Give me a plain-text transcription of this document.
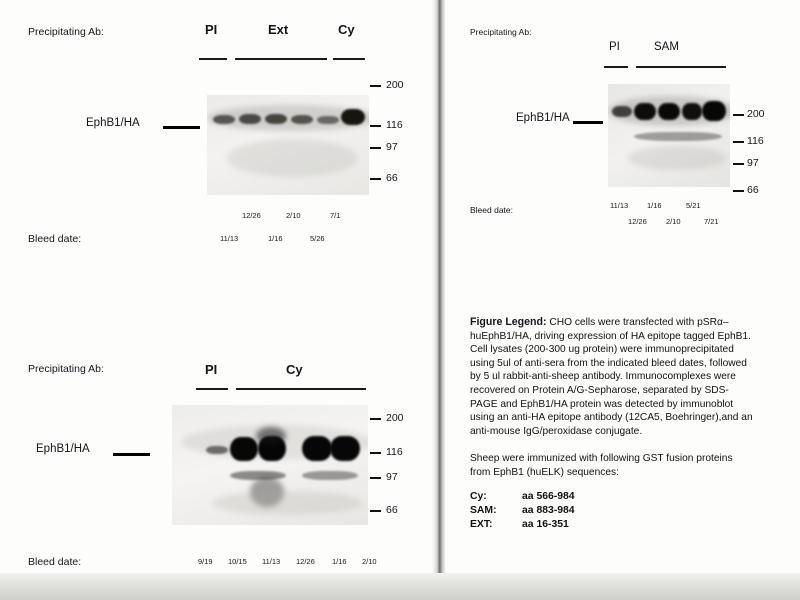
Precipitating Ab:	PI	Ext	Cy
EphB1/HA
200
116
97
66
Bleed date:
12/26	2/10	7/1
11/13	1/16	5/26
Precipitating Ab:
PI	SAM
EphB1/HA	200
116
97
66
Bleed date:	11/13	1/16	5/21
12/26	2/10	7/21
Precipitating Ab:	PI	Cy
EphB1/HA
200
116
97
66
Bleed date:	9/19 10/15 11/13 12/26 1/16 2/10
Figure Legend: CHO cells were transfected with pSRα–
huEphB1/HA, driving expression of HA epitope tagged EphB1.
Cell lysates (200-300 ug protein) were immunoprecipitated
using 5ul of anti-sera from the indicated bleed dates, followed
by 5 ul rabbit-anti-sheep antibody. Immunocomplexes were
recovered on Protein A/G-Sepharose, separated by SDS-
PAGE and EphB1/HA protein was detected by immunoblot
using an anti-HA epitope antibody (12CA5, Boehringer),and an
anti-mouse IgG/peroxidase conjugate.
Sheep were immunized with following GST fusion proteins
from EphB1 (huELK) sequences:
Cy:	aa 566-984
SAM:	aa 883-984
EXT:	aa 16-351
